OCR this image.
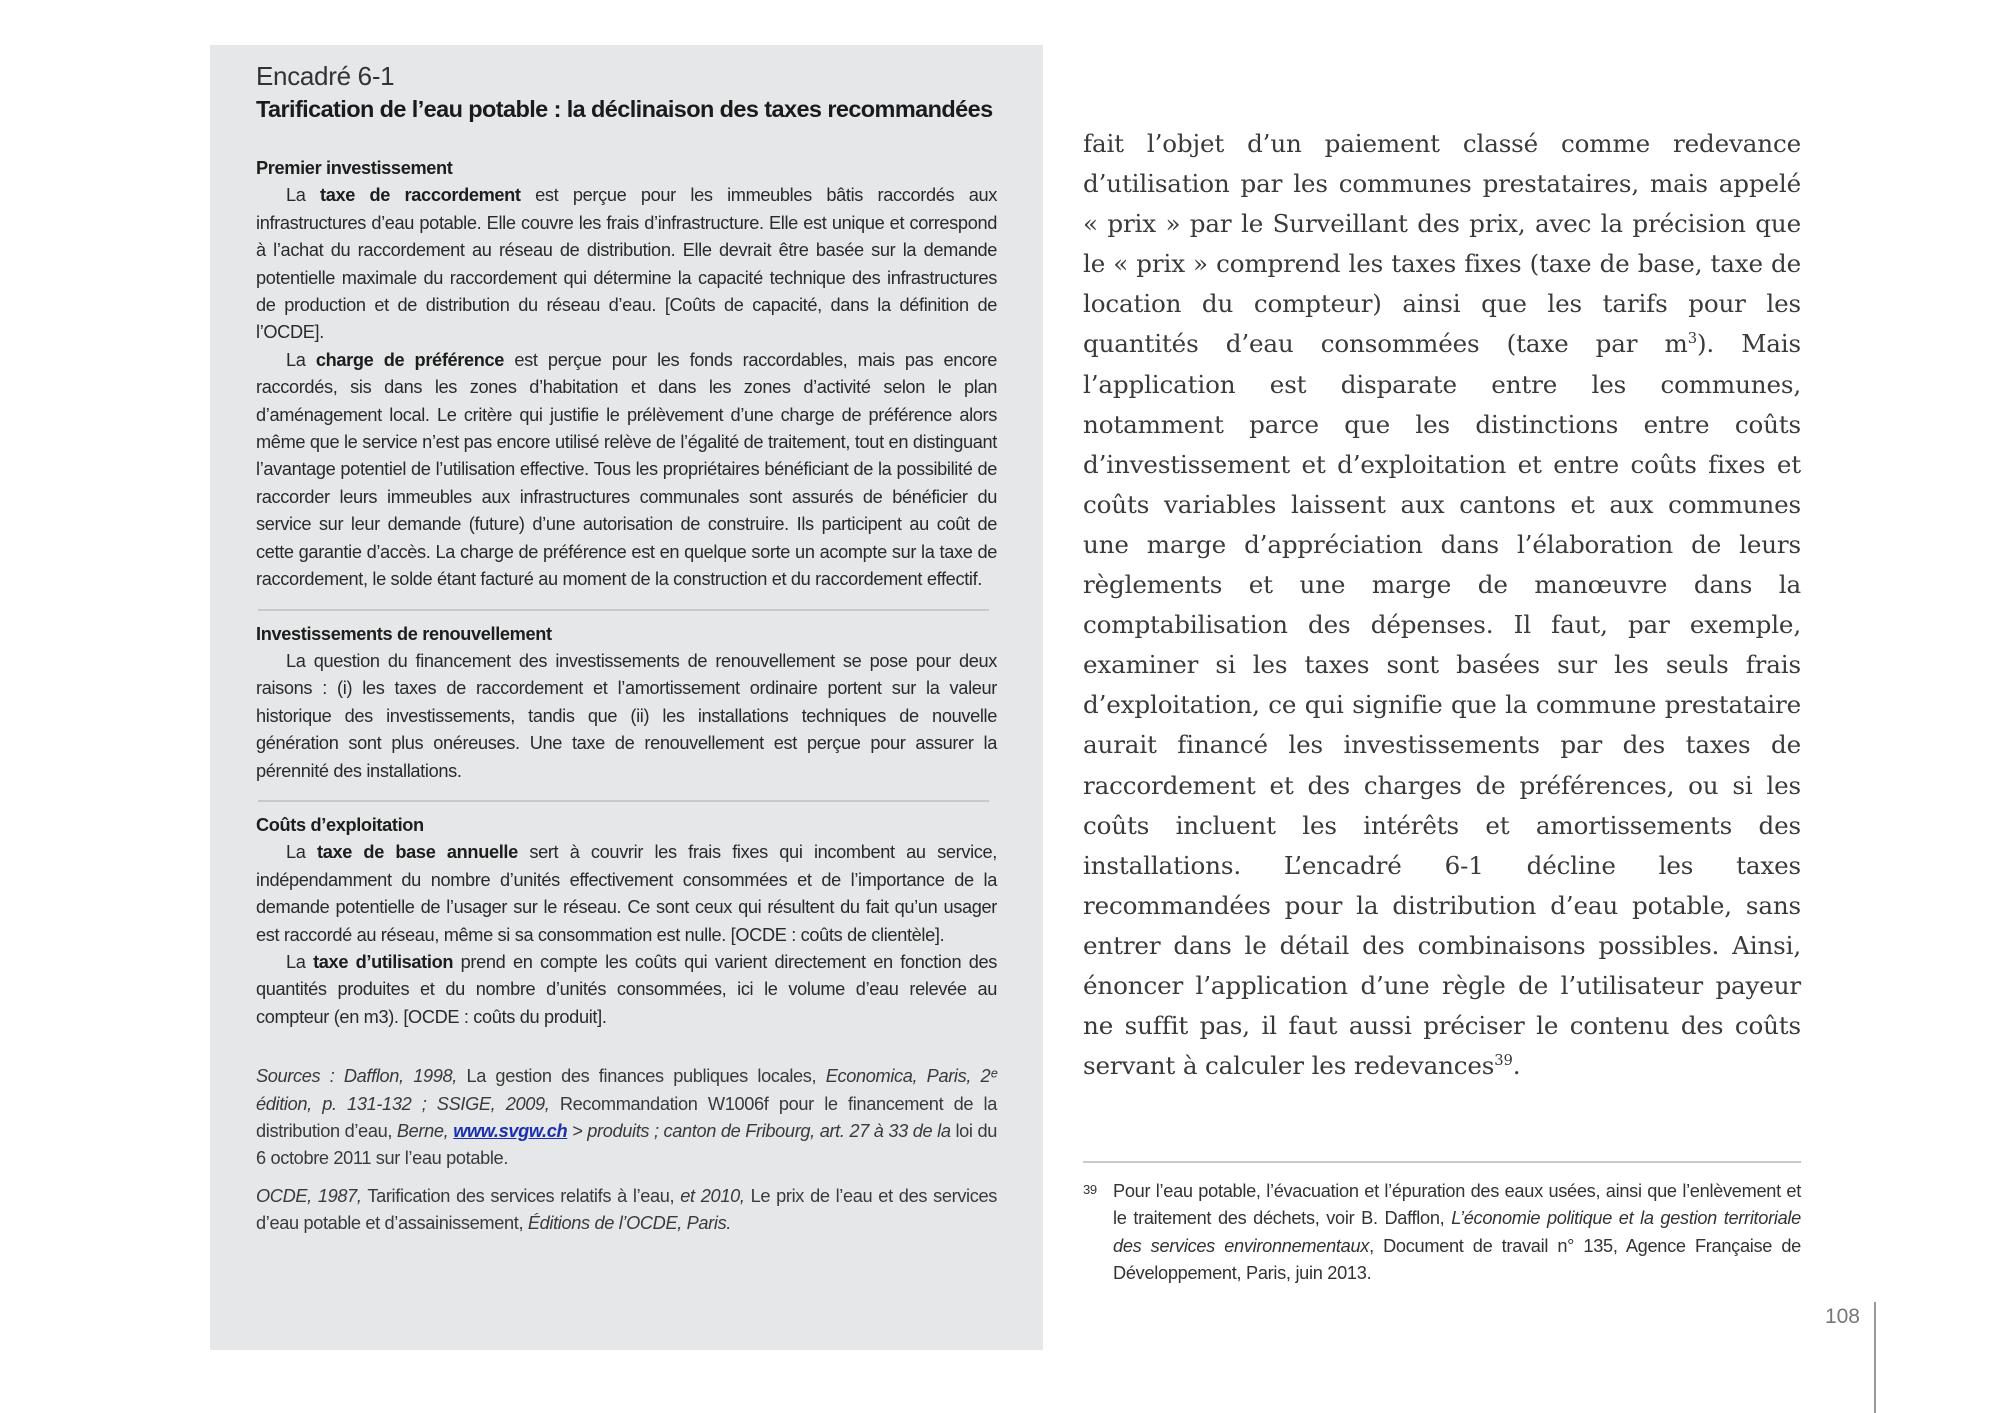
Encadré 6-1

Tarification de l’eau potable : la déclinaison des taxes recommandées

Premier investissement

La taxe de raccordement est perçue pour les immeubles bâtis raccordés aux infrastructures d’eau potable. Elle couvre les frais d’infrastructure. Elle est unique et correspond à l’achat du raccordement au réseau de distribution. Elle devrait être basée sur la demande potentielle maximale du raccordement qui détermine la capacité technique des infrastructures de production et de distribution du réseau d’eau. [Coûts de capacité, dans la définition de l’OCDE].

La charge de préférence est perçue pour les fonds raccordables, mais pas encore raccordés, sis dans les zones d’habitation et dans les zones d’activité selon le plan d’aménagement local. Le critère qui justifie le prélèvement d’une charge de préférence alors même que le service n’est pas encore utilisé relève de l’égalité de traitement, tout en distinguant l’avantage potentiel de l’utilisation effective. Tous les propriétaires bénéficiant de la possibilité de raccorder leurs immeubles aux infrastructures communales sont assurés de bénéficier du service sur leur demande (future) d’une autorisation de construire. Ils participent au coût de cette garantie d’accès. La charge de préférence est en quelque sorte un acompte sur la taxe de raccordement, le solde étant facturé au moment de la construction et du raccordement effectif.

Investissements de renouvellement

La question du financement des investissements de renouvellement se pose pour deux raisons : (i) les taxes de raccordement et l’amortissement ordinaire portent sur la valeur historique des investissements, tandis que (ii) les installations techniques de nouvelle génération sont plus onéreuses. Une taxe de renouvellement est perçue pour assurer la pérennité des installations.

Coûts d’exploitation

La taxe de base annuelle sert à couvrir les frais fixes qui incombent au service, indépendamment du nombre d’unités effectivement consommées et de l’importance de la demande potentielle de l’usager sur le réseau. Ce sont ceux qui résultent du fait qu’un usager est raccordé au réseau, même si sa consommation est nulle. [OCDE : coûts de clientèle].

La taxe d’utilisation prend en compte les coûts qui varient directement en fonction des quantités produites et du nombre d’unités consommées, ici le volume d’eau relevée au compteur (en m3). [OCDE : coûts du produit].

Sources : Dafflon, 1998, La gestion des finances publiques locales, Economica, Paris, 2ᵉ édition, p. 131-132 ; SSIGE, 2009, Recommandation W1006f pour le financement de la distribution d’eau, Berne, www.svgw.ch > produits ; canton de Fribourg, art. 27 à 33 de la loi du 6 octobre 2011 sur l’eau potable.

OCDE, 1987, Tarification des services relatifs à l’eau, et 2010, Le prix de l’eau et des services d’eau potable et d’assainissement, Éditions de l’OCDE, Paris.

fait l’objet d’un paiement classé comme redevance d’utilisation par les communes prestataires, mais appelé « prix » par le Surveillant des prix, avec la précision que le « prix » comprend les taxes fixes (taxe de base, taxe de location du compteur) ainsi que les tarifs pour les quantités d’eau consommées (taxe par $m^3$). Mais l’application est disparate entre les communes, notamment parce que les distinctions entre coûts d’investissement et d’exploitation et entre coûts fixes et coûts variables laissent aux cantons et aux communes une marge d’appréciation dans l’élaboration de leurs règlements et une marge de manœuvre dans la comptabilisation des dépenses. Il faut, par exemple, examiner si les taxes sont basées sur les seuls frais d’exploitation, ce qui signifie que la commune prestataire aurait financé les investissements par des taxes de raccordement et des charges de préférences, ou si les coûts incluent les intérêts et amortissements des installations. L’encadré 6-1 décline les taxes recommandées pour la distribution d’eau potable, sans entrer dans le détail des combinaisons possibles. Ainsi, énoncer l’application d’une règle de l’utilisateur payeur ne suffit pas, il faut aussi préciser le contenu des coûts servant à calculer les redevances$^{39}$.

39 Pour l’eau potable, l’évacuation et l’épuration des eaux usées, ainsi que l’enlèvement et le traitement des déchets, voir B. Dafflon, L’économie politique et la gestion territoriale des services environnementaux, Document de travail n° 135, Agence Française de Développement, Paris, juin 2013.

108
